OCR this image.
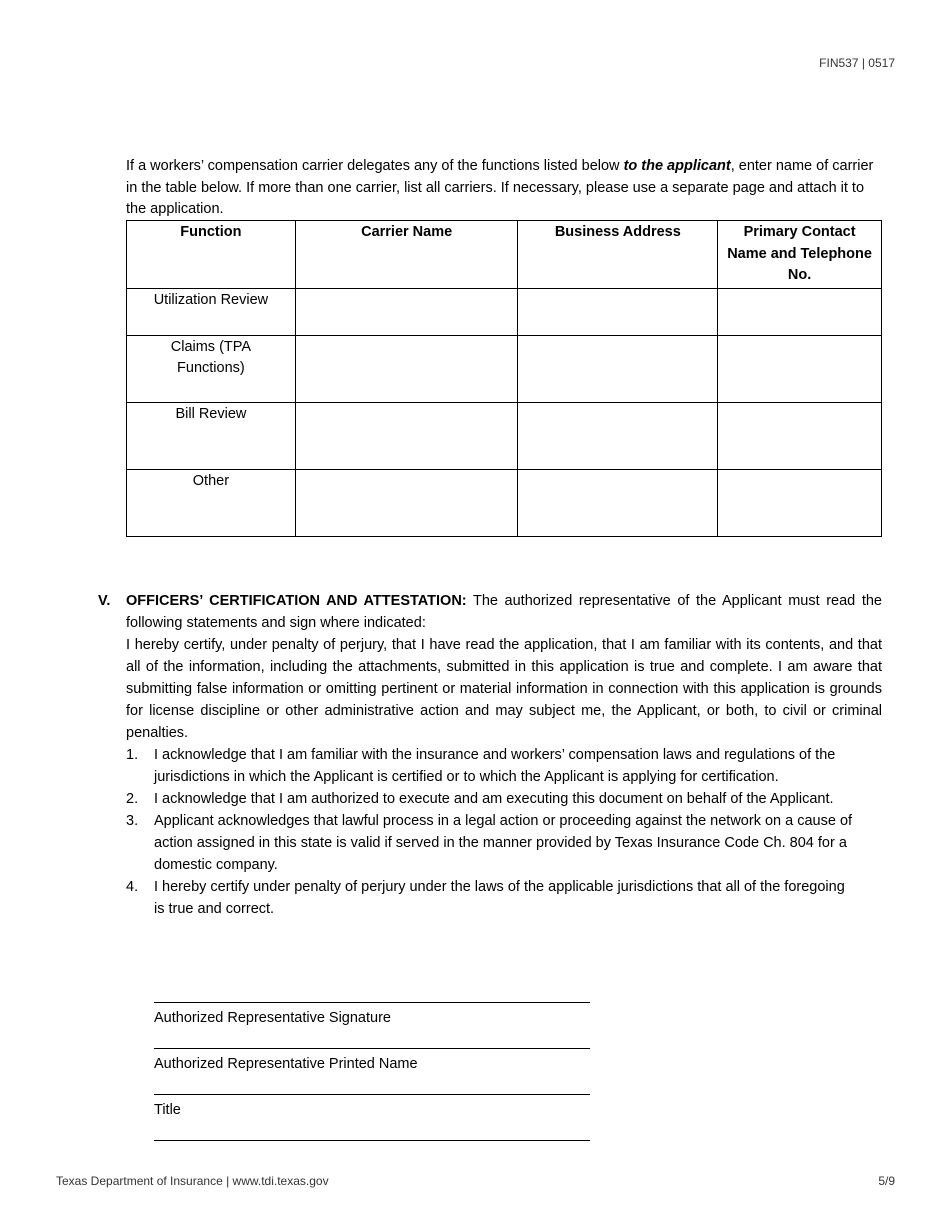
FIN537 | 0517

If a workers’ compensation carrier delegates any of the functions listed below to the applicant, enter name of carrier in the table below. If more than one carrier, list all carriers. If necessary, please use a separate page and attach it to the application.

Function	Carrier Name	Business Address	Primary Contact Name and Telephone No.
Utilization Review			
Claims (TPA Functions)			
Bill Review			
Other			
V. OFFICERS’ CERTIFICATION AND ATTESTATION: The authorized representative of the Applicant must read the following statements and sign where indicated:
I hereby certify, under penalty of perjury, that I have read the application, that I am familiar with its contents, and that all of the information, including the attachments, submitted in this application is true and complete. I am aware that submitting false information or omitting pertinent or material information in connection with this application is grounds for license discipline or other administrative action and may subject me, the Applicant, or both, to civil or criminal penalties.
1. I acknowledge that I am familiar with the insurance and workers’ compensation laws and regulations of the jurisdictions in which the Applicant is certified or to which the Applicant is applying for certification.
2. I acknowledge that I am authorized to execute and am executing this document on behalf of the Applicant.
3. Applicant acknowledges that lawful process in a legal action or proceeding against the network on a cause of action assigned in this state is valid if served in the manner provided by Texas Insurance Code Ch. 804 for a domestic company.
4. I hereby certify under penalty of perjury under the laws of the applicable jurisdictions that all of the foregoing is true and correct.
Authorized Representative Signature
Authorized Representative Printed Name
Title
Texas Department of Insurance | www.tdi.texas.gov	5/9
